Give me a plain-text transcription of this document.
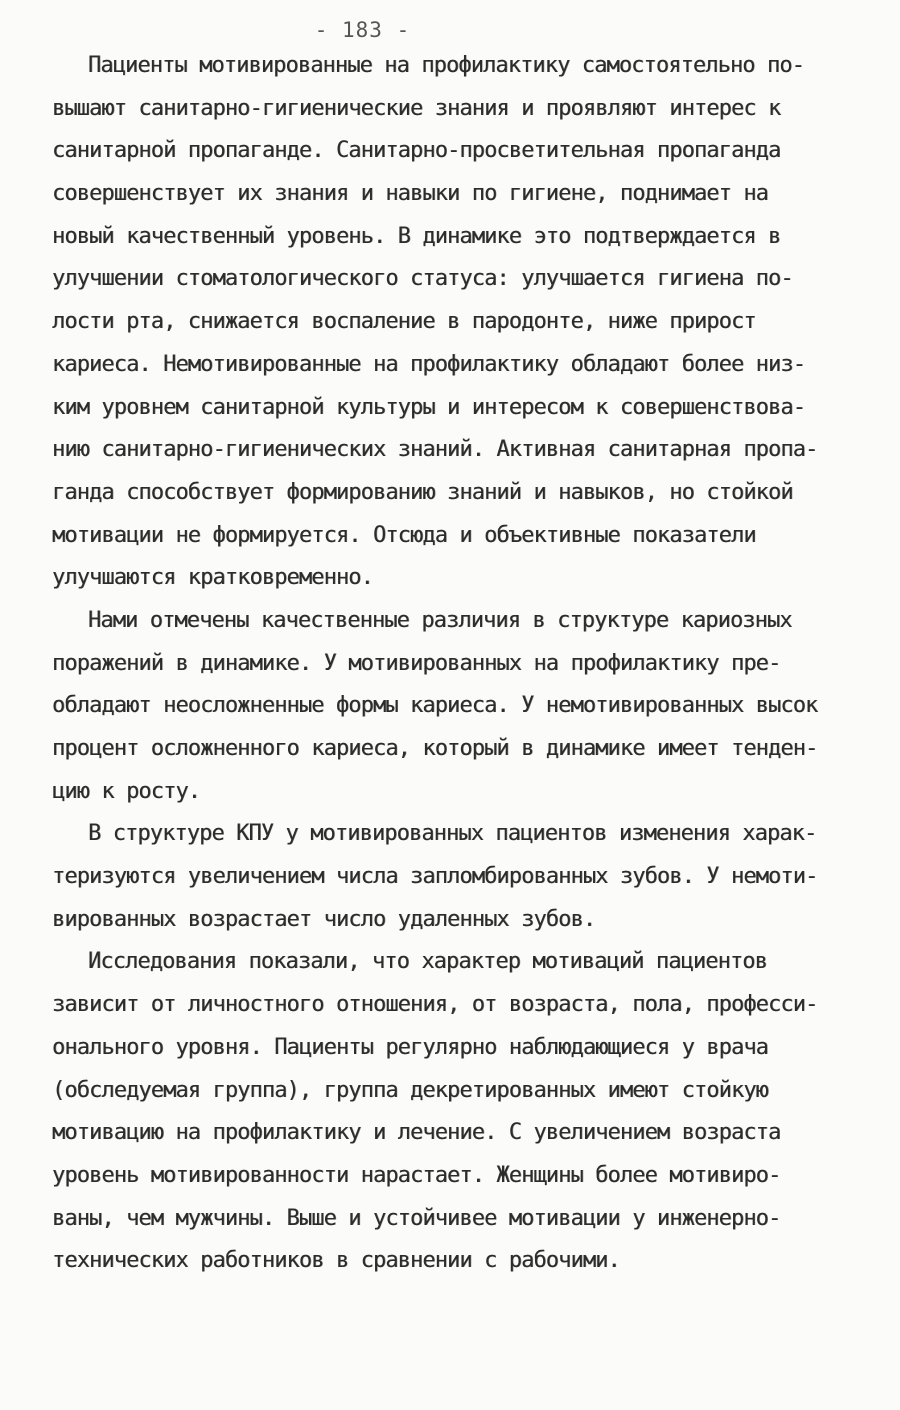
- 183 -
Пациенты мотивированные на профилактику самостоятельно по-
вышают санитарно-гигиенические знания и проявляют интерес к
санитарной пропаганде. Санитарно-просветительная пропаганда
совершенствует их знания и навыки по гигиене, поднимает на
новый качественный уровень. В динамике это подтверждается в
улучшении стоматологического статуса: улучшается гигиена по-
лости рта, снижается воспаление в пародонте, ниже прирост
кариеса. Немотивированные на профилактику обладают более низ-
ким уровнем санитарной культуры и интересом к совершенствова-
нию санитарно-гигиенических знаний. Активная санитарная пропа-
ганда способствует формированию знаний и навыков, но стойкой
мотивации не формируется. Отсюда и объективные показатели
улучшаются кратковременно.
Нами отмечены качественные различия в структуре кариозных
поражений в динамике. У мотивированных на профилактику пре-
обладают неосложненные формы кариеса. У немотивированных высок
процент осложненного кариеса, который в динамике имеет тенден-
цию к росту.
В структуре КПУ у мотивированных пациентов изменения харак-
теризуются увеличением числа запломбированных зубов. У немоти-
вированных возрастает число удаленных зубов.
Исследования показали, что характер мотиваций пациентов
зависит от личностного отношения, от возраста, пола, професси-
онального уровня. Пациенты регулярно наблюдающиеся у врача
(обследуемая группа), группа декретированных имеют стойкую
мотивацию на профилактику и лечение. С увеличением возраста
уровень мотивированности нарастает. Женщины более мотивиро-
ваны, чем мужчины. Выше и устойчивее мотивации у инженерно-
технических работников в сравнении с рабочими.
